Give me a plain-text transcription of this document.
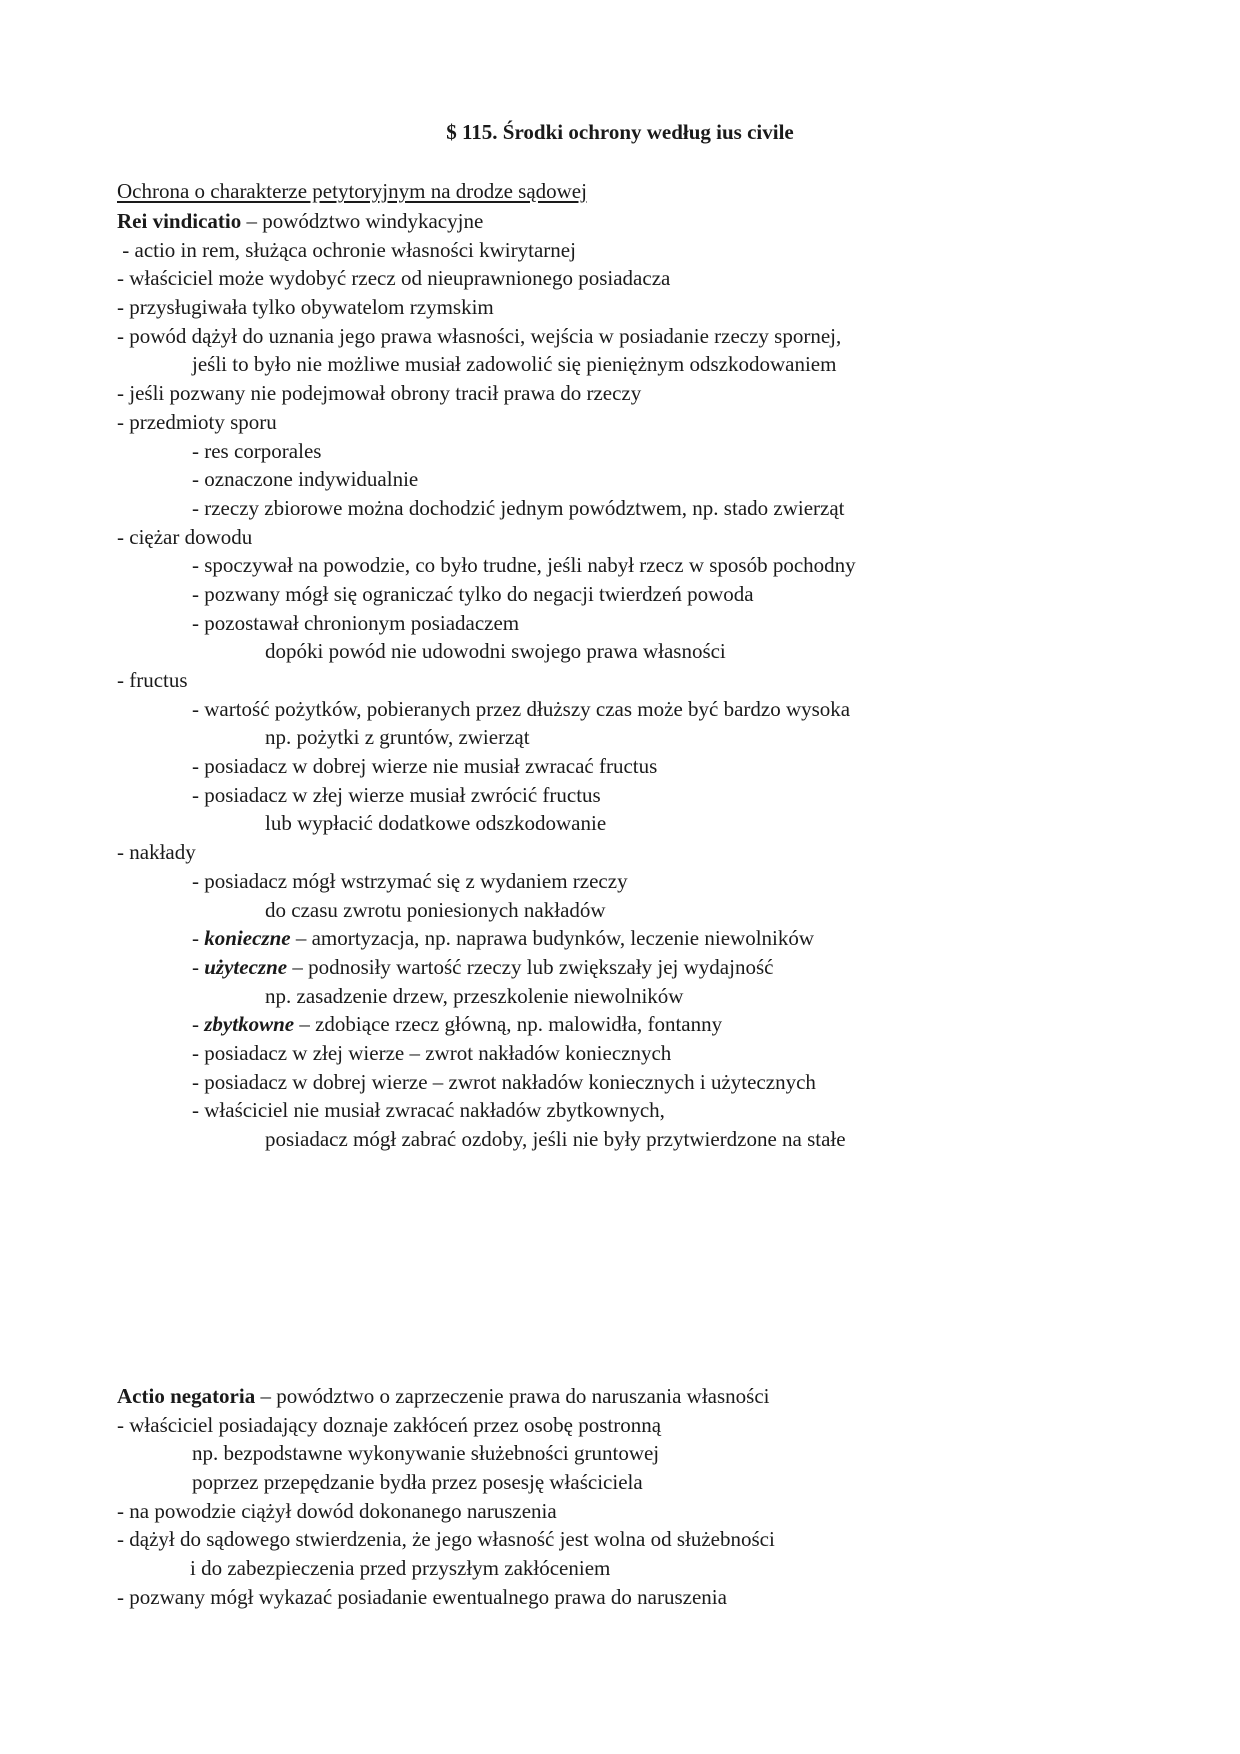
$ 115. Środki ochrony według ius civile
Ochrona o charakterze petytoryjnym na drodze sądowej
Rei vindicatio – powództwo windykacyjne
- actio in rem, służąca ochronie własności kwirytarnej
- właściciel może wydobyć rzecz od nieuprawnionego posiadacza
- przysługiwała tylko obywatelom rzymskim
- powód dążył do uznania jego prawa własności, wejścia w posiadanie rzeczy spornej,
jeśli to było nie możliwe musiał zadowolić się pieniężnym odszkodowaniem
- jeśli pozwany nie podejmował obrony tracił prawa do rzeczy
- przedmioty sporu
- res corporales
- oznaczone indywidualnie
- rzeczy zbiorowe można dochodzić jednym powództwem, np. stado zwierząt
- ciężar dowodu
- spoczywał na powodzie, co było trudne, jeśli nabył rzecz w sposób pochodny
- pozwany mógł się ograniczać tylko do negacji twierdzeń powoda
- pozostawał chronionym posiadaczem
dopóki powód nie udowodni swojego prawa własności
- fructus
- wartość pożytków, pobieranych przez dłuższy czas może być bardzo wysoka
np. pożytki z gruntów, zwierząt
- posiadacz w dobrej wierze nie musiał zwracać fructus
- posiadacz w złej wierze musiał zwrócić fructus
lub wypłacić dodatkowe odszkodowanie
- nakłady
- posiadacz mógł wstrzymać się z wydaniem rzeczy
do czasu zwrotu poniesionych nakładów
- konieczne – amortyzacja, np. naprawa budynków, leczenie niewolników
- użyteczne – podnosiły wartość rzeczy lub zwiększały jej wydajność
np. zasadzenie drzew, przeszkolenie niewolników
- zbytkowne – zdobiące rzecz główną, np. malowidła, fontanny
- posiadacz w złej wierze – zwrot nakładów koniecznych
- posiadacz w dobrej wierze – zwrot nakładów koniecznych i użytecznych
- właściciel nie musiał zwracać nakładów zbytkownych,
posiadacz mógł zabrać ozdoby, jeśli nie były przytwierdzone na stałe
Actio negatoria – powództwo o zaprzeczenie prawa do naruszania własności
- właściciel posiadający doznaje zakłóceń przez osobę postronną
np. bezpodstawne wykonywanie służebności gruntowej
poprzez przepędzanie bydła przez posesję właściciela
- na powodzie ciążył dowód dokonanego naruszenia
- dążył do sądowego stwierdzenia, że jego własność jest wolna od służebności
i do zabezpieczenia przed przyszłym zakłóceniem
- pozwany mógł wykazać posiadanie ewentualnego prawa do naruszenia
